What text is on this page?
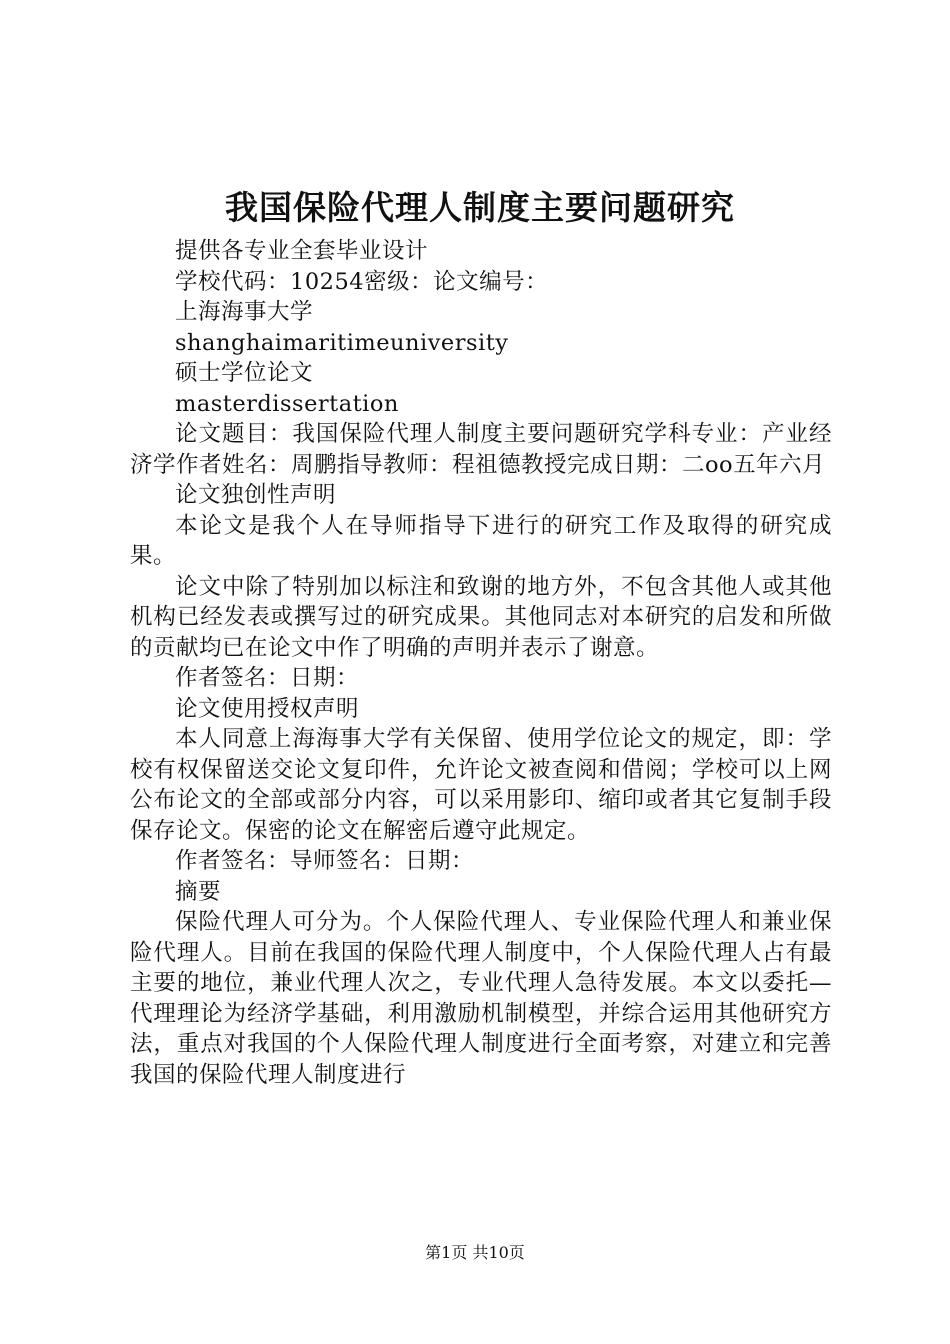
我国保险代理人制度主要问题研究

提供各专业全套毕业设计

学校代码：10254密级：论文编号：

上海海事大学

shanghaimaritimeuniversity

硕士学位论文

masterdissertation

论文题目：我国保险代理人制度主要问题研究学科专业：产业经济学作者姓名：周鹏指导教师：程祖德教授完成日期：二oo五年六月

论文独创性声明

本论文是我个人在导师指导下进行的研究工作及取得的研究成果。

论文中除了特别加以标注和致谢的地方外，不包含其他人或其他机构已经发表或撰写过的研究成果。其他同志对本研究的启发和所做的贡献均已在论文中作了明确的声明并表示了谢意。

作者签名：日期：

论文使用授权声明

本人同意上海海事大学有关保留、使用学位论文的规定，即：学校有权保留送交论文复印件，允许论文被查阅和借阅；学校可以上网公布论文的全部或部分内容，可以采用影印、缩印或者其它复制手段保存论文。保密的论文在解密后遵守此规定。

作者签名：导师签名：日期：

摘要

保险代理人可分为。个人保险代理人、专业保险代理人和兼业保险代理人。目前在我国的保险代理人制度中，个人保险代理人占有最主要的地位，兼业代理人次之，专业代理人急待发展。本文以委托—代理理论为经济学基础，利用激励机制模型，并综合运用其他研究方法，重点对我国的个人保险代理人制度进行全面考察，对建立和完善我国的保险代理人制度进行

第1页 共10页
